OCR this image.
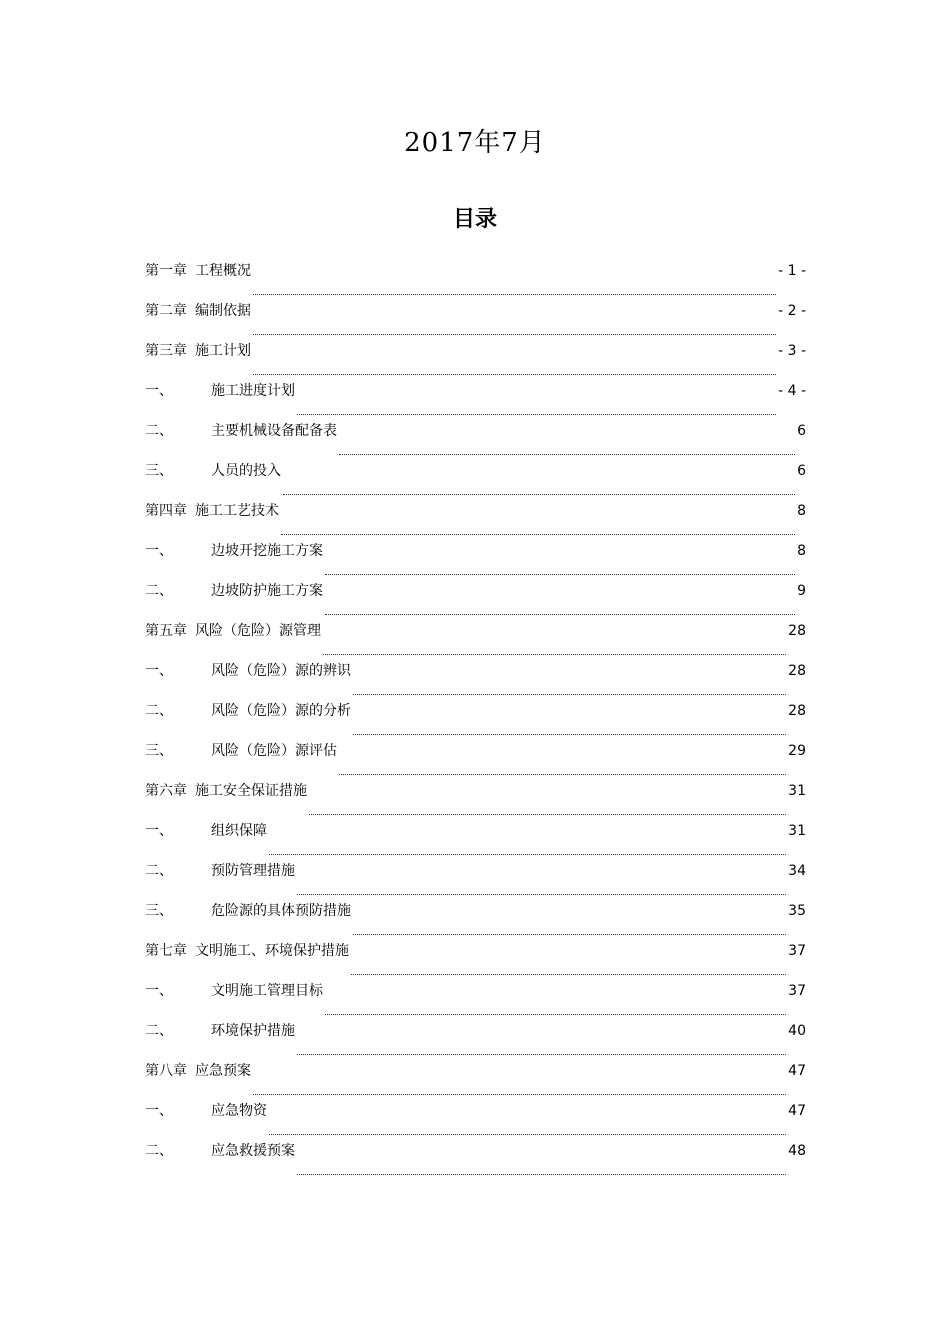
2017年7月
目录
第一章 工程概况	- 1 -
第二章 编制依据	- 2 -
第三章 施工计划	- 3 -
一、	施工进度计划	- 4 -
二、	主要机械设备配备表	6
三、	人员的投入	6
第四章 施工工艺技术	8
一、	边坡开挖施工方案	8
二、	边坡防护施工方案	9
第五章 风险（危险）源管理	28
一、	风险（危险）源的辨识	28
二、	风险（危险）源的分析	28
三、	风险（危险）源评估	29
第六章 施工安全保证措施	31
一、	组织保障	31
二、	预防管理措施	34
三、	危险源的具体预防措施	35
第七章 文明施工、环境保护措施	37
一、	文明施工管理目标	37
二、	环境保护措施	40
第八章 应急预案	47
一、	应急物资	47
二、	应急救援预案	48
